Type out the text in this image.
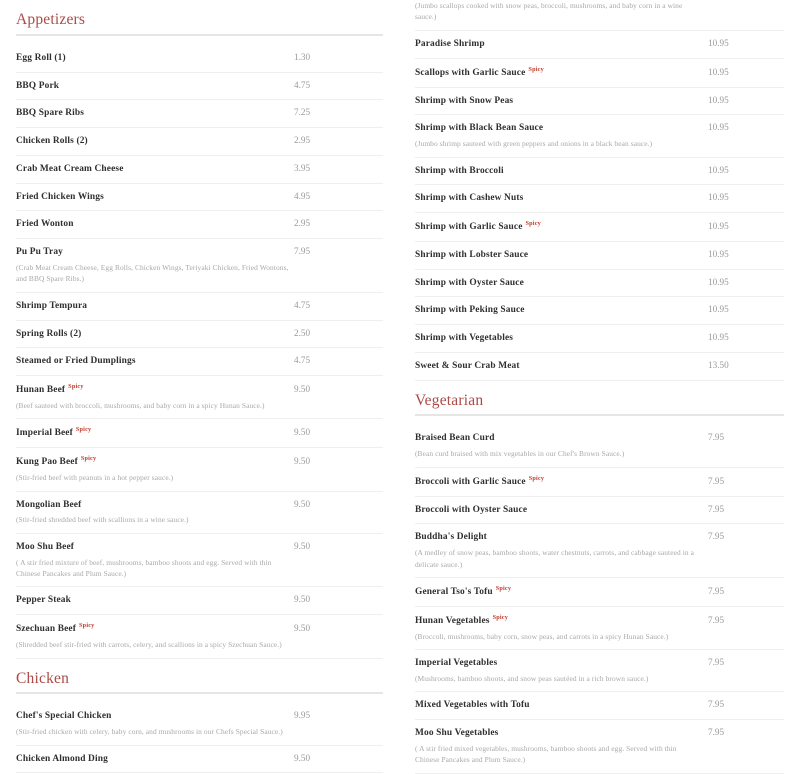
Appetizers
Egg Roll (1)	1.30
BBQ Pork	4.75
BBQ Spare Ribs	7.25
Chicken Rolls (2)	2.95
Crab Meat Cream Cheese	3.95
Fried Chicken Wings	4.95
Fried Wonton	2.95
Pu Pu Tray	7.95
(Crab Meat Cream Cheese, Egg Rolls, Chicken Wings, Teriyaki Chicken, Fried Wontons, and BBQ Spare Ribs.)
Shrimp Tempura	4.75
Spring Rolls (2)	2.50
Steamed or Fried Dumplings	4.75
Hunan Beef $^{Spicy}$	9.50
(Beef sauteed with broccoli, mushrooms, and baby corn in a spicy Hunan Sauce.)
Imperial Beef $^{Spicy}$	9.50
Kung Pao Beef $^{Spicy}$	9.50
(Stir-fried beef with peanuts in a hot pepper sauce.)
Mongolian Beef	9.50
(Stir-fried shredded beef with scallions in a wine sauce.)
Moo Shu Beef	9.50
( A stir fried mixture of beef, mushrooms, bamboo shoots and egg. Served with thin Chinese Pancakes and Plum Sauce.)
Pepper Steak	9.50
Szechuan Beef $^{Spicy}$	9.50
(Shredded beef stir-fried with carrots, celery, and scallions in a spicy Szechuan Sauce.)
Chicken
Chef's Special Chicken	9.95
(Stir-fried chicken with celery, baby corn, and mushrooms in our Chefs Special Sauce.)
Chicken Almond Ding	9.50
(Jumbo scallops cooked with snow peas, broccoli, mushrooms, and baby corn in a wine sauce.)
Paradise Shrimp	10.95
Scallops with Garlic Sauce $^{Spicy}$	10.95
Shrimp with Snow Peas	10.95
Shrimp with Black Bean Sauce	10.95
(Jumbo shrimp sauteed with green peppers and onions in a black bean sauce.)
Shrimp with Broccoli	10.95
Shrimp with Cashew Nuts	10.95
Shrimp with Garlic Sauce $^{Spicy}$	10.95
Shrimp with Lobster Sauce	10.95
Shrimp with Oyster Sauce	10.95
Shrimp with Peking Sauce	10.95
Shrimp with Vegetables	10.95
Sweet & Sour Crab Meat	13.50
Vegetarian
Braised Bean Curd	7.95
(Bean curd braised with mix vegetables in our Chef's Brown Sauce.)
Broccoli with Garlic Sauce $^{Spicy}$	7.95
Broccoli with Oyster Sauce	7.95
Buddha's Delight	7.95
(A medley of snow peas, bamboo shoots, water chestnuts, carrots, and cabbage sauteed in a delicate sauce.)
General Tso's Tofu $^{Spicy}$	7.95
Hunan Vegetables $^{Spicy}$	7.95
(Broccoli, mushrooms, baby corn, snow peas, and carrots in a spicy Hunan Sauce.)
Imperial Vegetables	7.95
(Mushrooms, bamboo shoots, and snow peas sautéed in a rich brown sauce.)
Mixed Vegetables with Tofu	7.95
Moo Shu Vegetables	7.95
( A stir fried mixed vegetables, mushrooms, bamboo shoots and egg. Served with thin Chinese Pancakes and Plum Sauce.)
